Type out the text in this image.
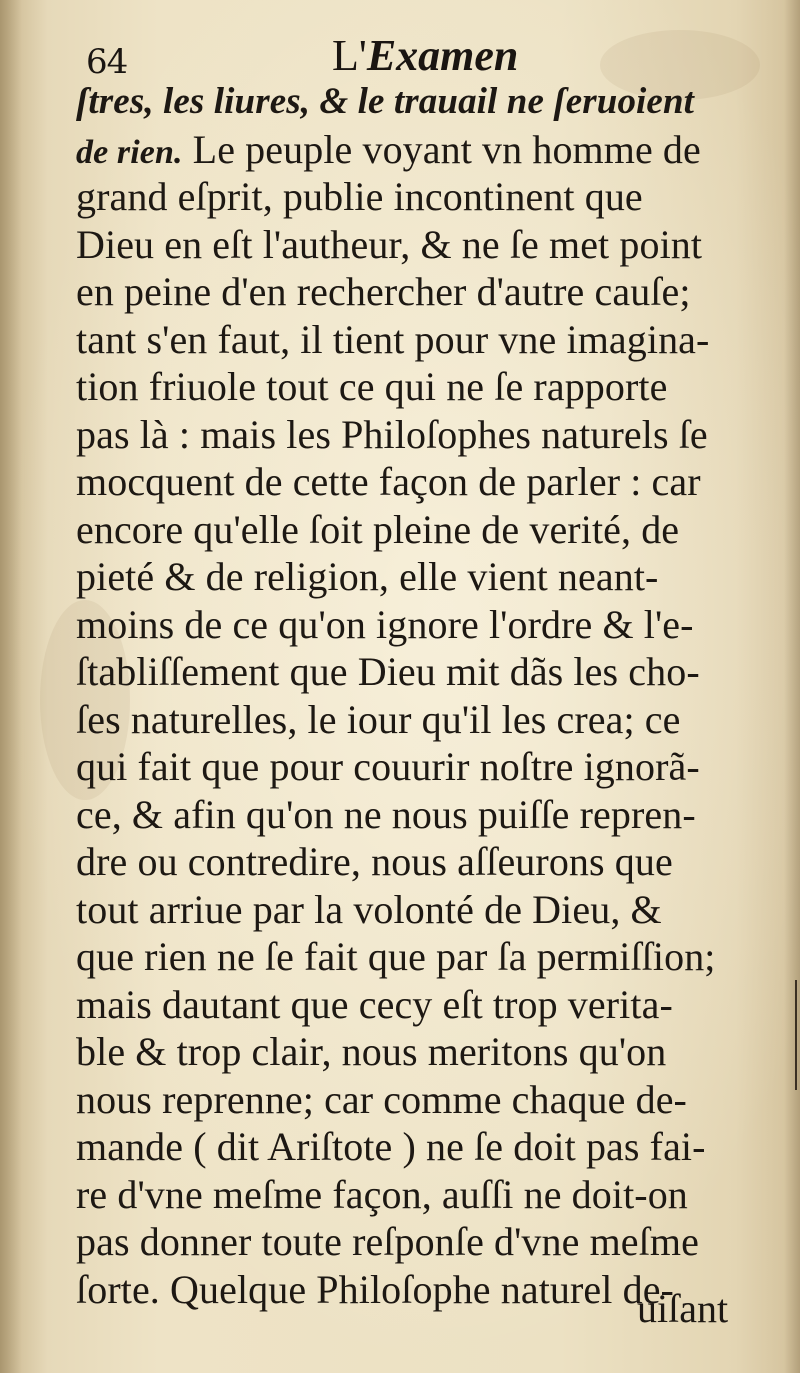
64	L'Examen
ſtres, les liures, & le trauail ne ſeruoient
de rien. Le peuple voyant vn homme de
grand eſprit, publie incontinent que
Dieu en eſt l'autheur, & ne ſe met point
en peine d'en rechercher d'autre cauſe;
tant s'en faut, il tient pour vne imagina-
tion friuole tout ce qui ne ſe rapporte
pas là : mais les Philoſophes naturels ſe
mocquent de cette façon de parler : car
encore qu'elle ſoit pleine de verité, de
pieté & de religion, elle vient neant-
moins de ce qu'on ignore l'ordre & l'e-
ſtabliſſement que Dieu mit dãs les cho-
ſes naturelles, le iour qu'il les crea; ce
qui fait que pour couurir noſtre ignorã-
ce, & afin qu'on ne nous puiſſe repren-
dre ou contredire, nous aſſeurons que
tout arriue par la volonté de Dieu, &
que rien ne ſe fait que par ſa permiſſion;
mais dautant que cecy eſt trop verita-
ble & trop clair, nous meritons qu'on
nous reprenne; car comme chaque de-
mande ( dit Ariſtote ) ne ſe doit pas fai-
re d'vne meſme façon, auſſi ne doit-on
pas donner toute reſponſe d'vne meſme
ſorte. Quelque Philoſophe naturel de-
uiſant
